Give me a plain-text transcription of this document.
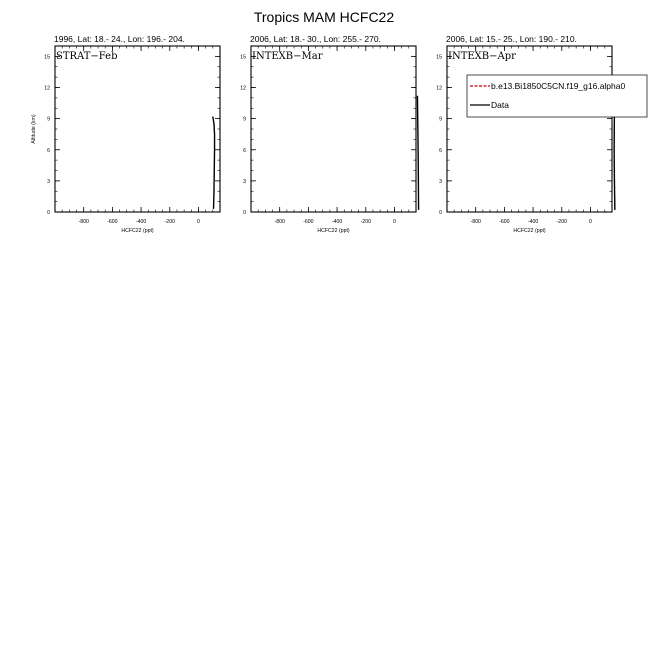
Tropics MAM HCFC22
1996, Lat: 18.- 24., Lon: 196.- 204.
-800	-600	-400	-200	0
0
3
6
9
12
15
HCFC22 (ppt)
Altitude (km)
STRAT−Feb
2006, Lat: 18.- 30., Lon: 255.- 270.
-800	-600	-400	-200	0
0
3
6
9
12
15
HCFC22 (ppt)
INTEXB−Mar
2006, Lat: 15.- 25., Lon: 190.- 210.
-800	-600	-400	-200	0
0
3
6
9
12
15
HCFC22 (ppt)
INTEXB−Apr
b.e13.Bi1850C5CN.f19_g16.alpha0
Data
